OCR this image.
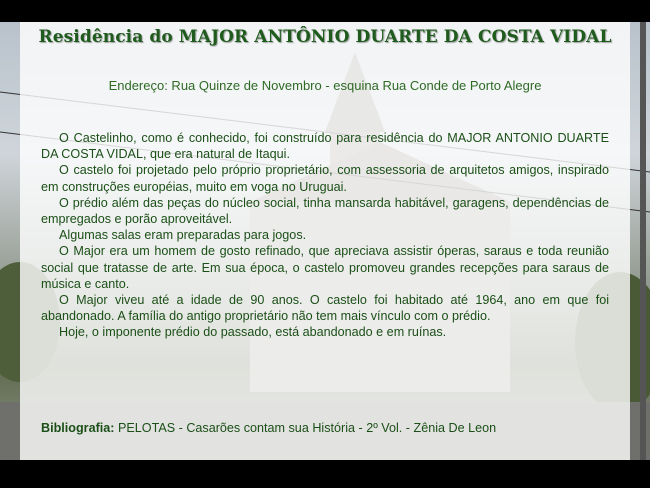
Residência do MAJOR ANTÔNIO DUARTE DA COSTA VIDAL
Endereço: Rua Quinze de Novembro - esquina Rua Conde de Porto Alegre

O Castelinho, como é conhecido, foi construído para residência do MAJOR ANTONIO DUARTE DA COSTA VIDAL, que era natural de Itaqui.

O castelo foi projetado pelo próprio proprietário, com assessoria de arquitetos amigos, inspirado em construções européias, muito em voga no Uruguai.

O prédio além das peças do núcleo social, tinha mansarda habitável, garagens, dependências de empregados e porão aproveitável.

Algumas salas eram preparadas para jogos.

O Major era um homem de gosto refinado, que apreciava assistir óperas, saraus e toda reunião social que tratasse de arte. Em sua época, o castelo promoveu grandes recepções para saraus de música e canto.

O Major viveu até a idade de 90 anos. O castelo foi habitado até 1964, ano em que foi abandonado. A família do antigo proprietário não tem mais vínculo com o prédio.

Hoje, o imponente prédio do passado, está abandonado e em ruínas.

Bibliografia: PELOTAS - Casarões contam sua História - 2º Vol. - Zênia De Leon
